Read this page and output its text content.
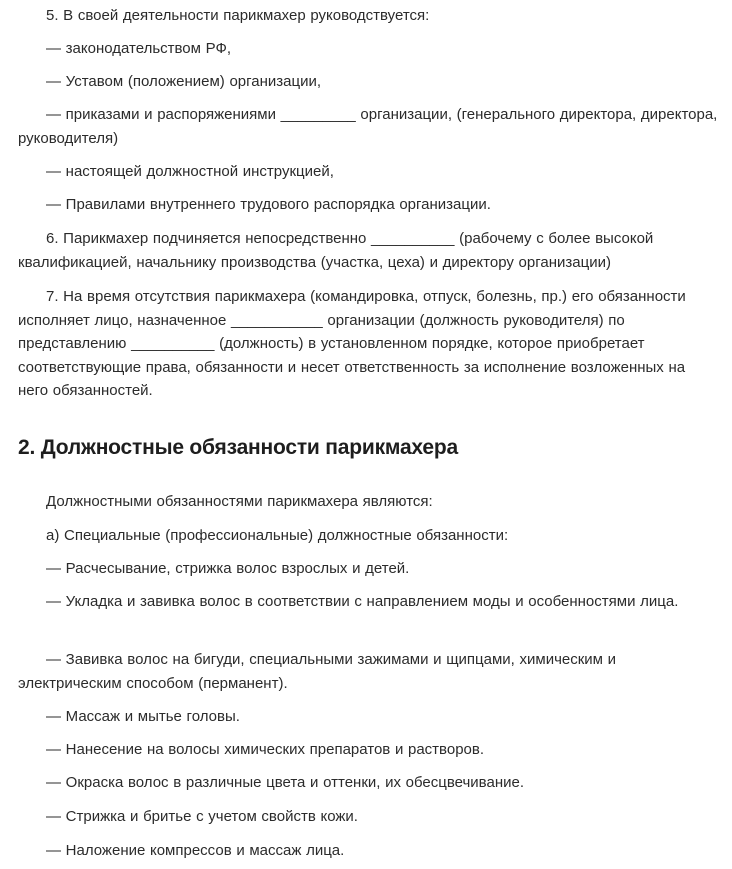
5. В своей деятельности парикмахер руководствуется:

— законодательством РФ,

— Уставом (положением) организации,

— приказами и распоряжениями _________ организации, (генерального директора, директора, руководителя)

— настоящей должностной инструкцией,

— Правилами внутреннего трудового распорядка организации.

6. Парикмахер подчиняется непосредственно __________ (рабочему с более высокой квалификацией, начальнику производства (участка, цеха) и директору организации)

7. На время отсутствия парикмахера (командировка, отпуск, болезнь, пр.) его обязанности исполняет лицо, назначенное ___________ организации (должность руководителя) по представлению __________ (должность) в установленном порядке, которое приобретает соответствующие права, обязанности и несет ответственность за исполнение возложенных на него обязанностей.

2. Должностные обязанности парикмахера

Должностными обязанностями парикмахера являются:

а) Специальные (профессиональные) должностные обязанности:

— Расчесывание, стрижка волос взрослых и детей.

— Укладка и завивка волос в соответствии с направлением моды и особенностями лица.

— Завивка волос на бигуди, специальными зажимами и щипцами, химическим и электрическим способом (перманент).

— Массаж и мытье головы.

— Нанесение на волосы химических препаратов и растворов.

— Окраска волос в различные цвета и оттенки, их обесцвечивание.

— Стрижка и бритье с учетом свойств кожи.

— Наложение компрессов и массаж лица.
